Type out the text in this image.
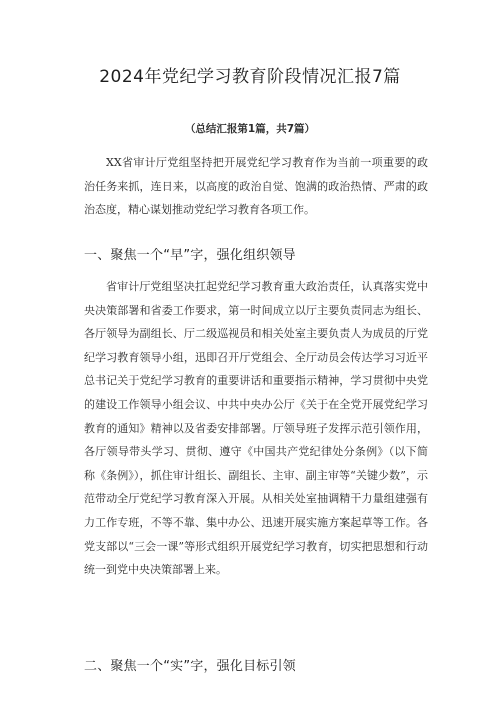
2024年党纪学习教育阶段情况汇报7篇
（总结汇报第1篇，共7篇）

XX省审计厅党组坚持把开展党纪学习教育作为当前一项重要的政治任务来抓，连日来，以高度的政治自觉、饱满的政治热情、严肃的政治态度，精心谋划推动党纪学习教育各项工作。

一、聚焦一个“早”字，强化组织领导

省审计厅党组坚决扛起党纪学习教育重大政治责任，认真落实党中央决策部署和省委工作要求，第一时间成立以厅主要负责同志为组长、各厅领导为副组长、厅二级巡视员和相关处室主要负责人为成员的厅党纪学习教育领导小组，迅即召开厅党组会、全厅动员会传达学习习近平总书记关于党纪学习教育的重要讲话和重要指示精神，学习贯彻中央党的建设工作领导小组会议、中共中央办公厅《关于在全党开展党纪学习教育的通知》精神以及省委安排部署。厅领导班子发挥示范引领作用，各厅领导带头学习、贯彻、遵守《中国共产党纪律处分条例》（以下简称《条例》），抓住审计组长、副组长、主审、副主审等“关键少数”，示范带动全厅党纪学习教育深入开展。从相关处室抽调精干力量组建强有力工作专班，不等不靠、集中办公、迅速开展实施方案起草等工作。各党支部以“三会一课”等形式组织开展党纪学习教育，切实把思想和行动统一到党中央决策部署上来。

二、聚焦一个“实”字，强化目标引领
